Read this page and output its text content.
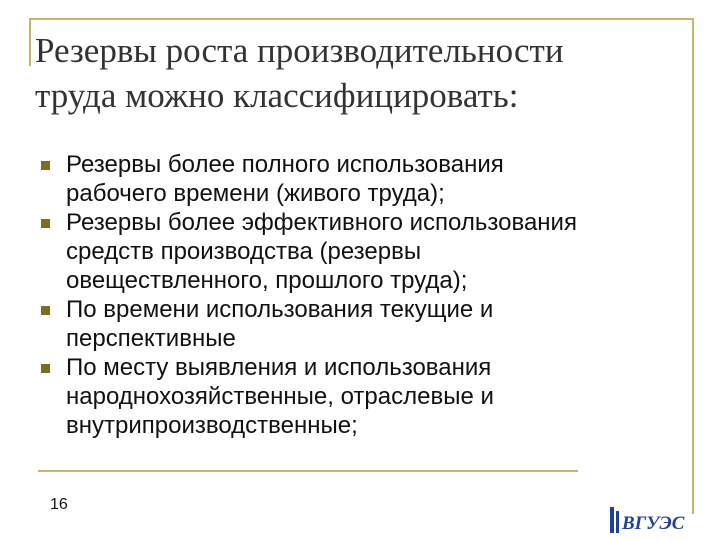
Резервы роста производительности
труда можно классифицировать:
Резервы более полного использования
рабочего времени (живого труда);
Резервы более эффективного использования
средств производства (резервы
овеществленного, прошлого труда);
По времени использования текущие и
перспективные
По месту выявления и использования
народнохозяйственные, отраслевые и
внутрипроизводственные;
16
ВГУЭС
